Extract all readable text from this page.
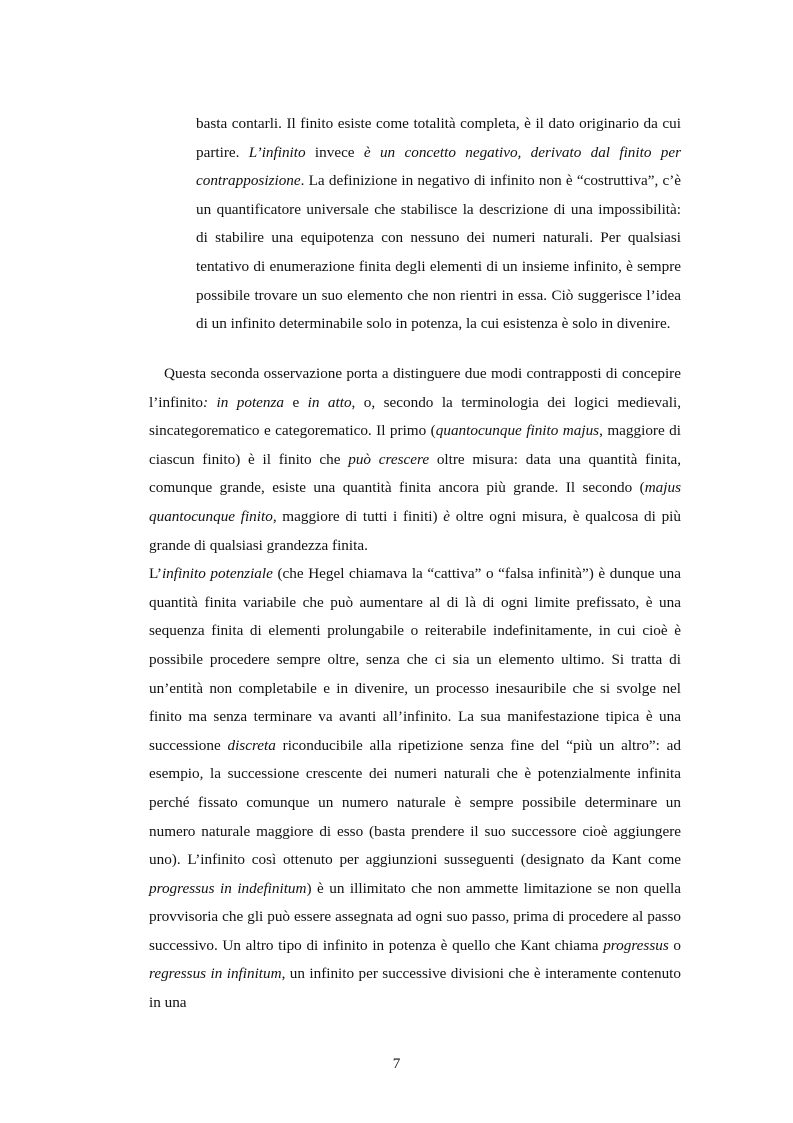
basta contarli. Il finito esiste come totalità completa, è il dato originario da cui partire. L’infinito invece è un concetto negativo, derivato dal finito per contrapposizione. La definizione in negativo di infinito non è “costruttiva”, c’è un quantificatore universale che stabilisce la descrizione di una impossibilità: di stabilire una equipotenza con nessuno dei numeri naturali. Per qualsiasi tentativo di enumerazione finita degli elementi di un insieme infinito, è sempre possibile trovare un suo elemento che non rientri in essa. Ciò suggerisce l’idea di un infinito determinabile solo in potenza, la cui esistenza è solo in divenire.

Questa seconda osservazione porta a distinguere due modi contrapposti di concepire l’infinito: in potenza e in atto, o, secondo la terminologia dei logici medievali, sincategorematico e categorematico. Il primo (quantocunque finito majus, maggiore di ciascun finito) è il finito che può crescere oltre misura: data una quantità finita, comunque grande, esiste una quantità finita ancora più grande. Il secondo (majus quantocunque finito, maggiore di tutti i finiti) è oltre ogni misura, è qualcosa di più grande di qualsiasi grandezza finita.

L’infinito potenziale (che Hegel chiamava la “cattiva” o “falsa infinità”) è dunque una quantità finita variabile che può aumentare al di là di ogni limite prefissato, è una sequenza finita di elementi prolungabile o reiterabile indefinitamente, in cui cioè è possibile procedere sempre oltre, senza che ci sia un elemento ultimo. Si tratta di un’entità non completabile e in divenire, un processo inesauribile che si svolge nel finito ma senza terminare va avanti all’infinito. La sua manifestazione tipica è una successione discreta riconducibile alla ripetizione senza fine del “più un altro”: ad esempio, la successione crescente dei numeri naturali che è potenzialmente infinita perché fissato comunque un numero naturale è sempre possibile determinare un numero naturale maggiore di esso (basta prendere il suo successore cioè aggiungere uno). L’infinito così ottenuto per aggiunzioni susseguenti (designato da Kant come progressus in indefinitum) è un illimitato che non ammette limitazione se non quella provvisoria che gli può essere assegnata ad ogni suo passo, prima di procedere al passo successivo. Un altro tipo di infinito in potenza è quello che Kant chiama progressus o regressus in infinitum, un infinito per successive divisioni che è interamente contenuto in una

7
